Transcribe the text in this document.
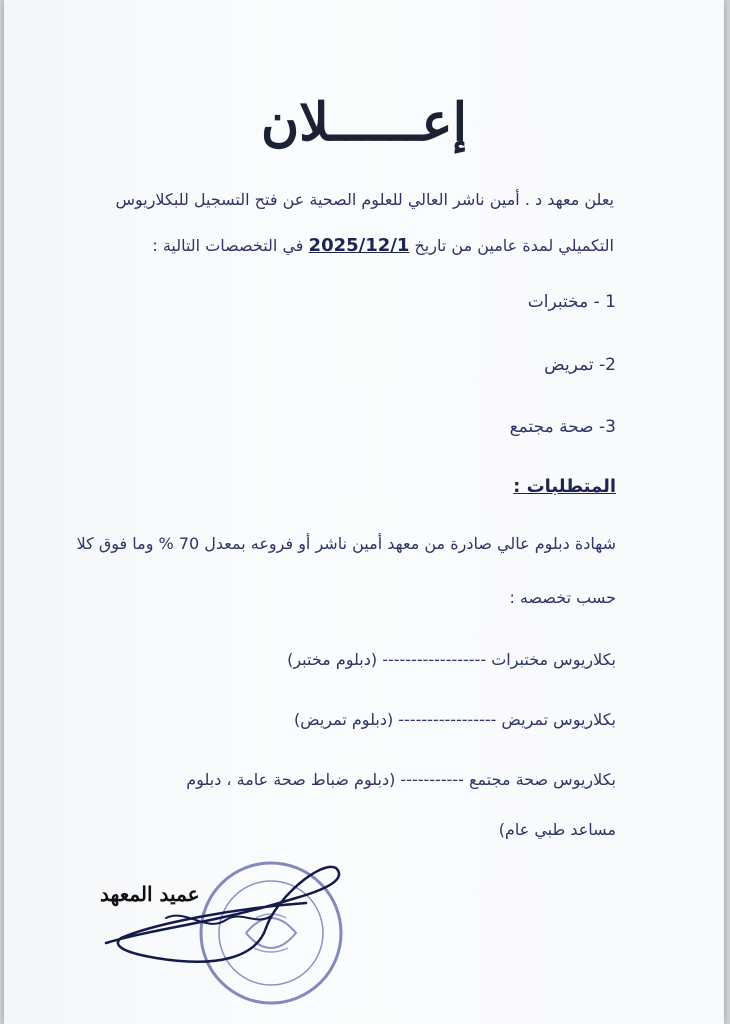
إعــــــلان
يعلن معهد د . أمين ناشر العالي للعلوم الصحية عن فتح التسجيل للبكلاريوس
التكميلي لمدة عامين من تاريخ 2025/12/1 في التخصصات التالية :
1 - مختبرات
2- تمريض
3- صحة مجتمع
المتطلبات :
شهادة دبلوم عالي صادرة من معهد أمين ناشر أو فروعه بمعدل 70 % وما فوق كلا
حسب تخصصه :
بكلاريوس مختبرات ------------------ (دبلوم مختبر)
بكلاريوس تمريض ----------------- (دبلوم تمريض)
بكلاريوس صحة مجتمع ----------- (دبلوم ضباط صحة عامة ، دبلوم
مساعد طبي عام)
عميد المعهد
